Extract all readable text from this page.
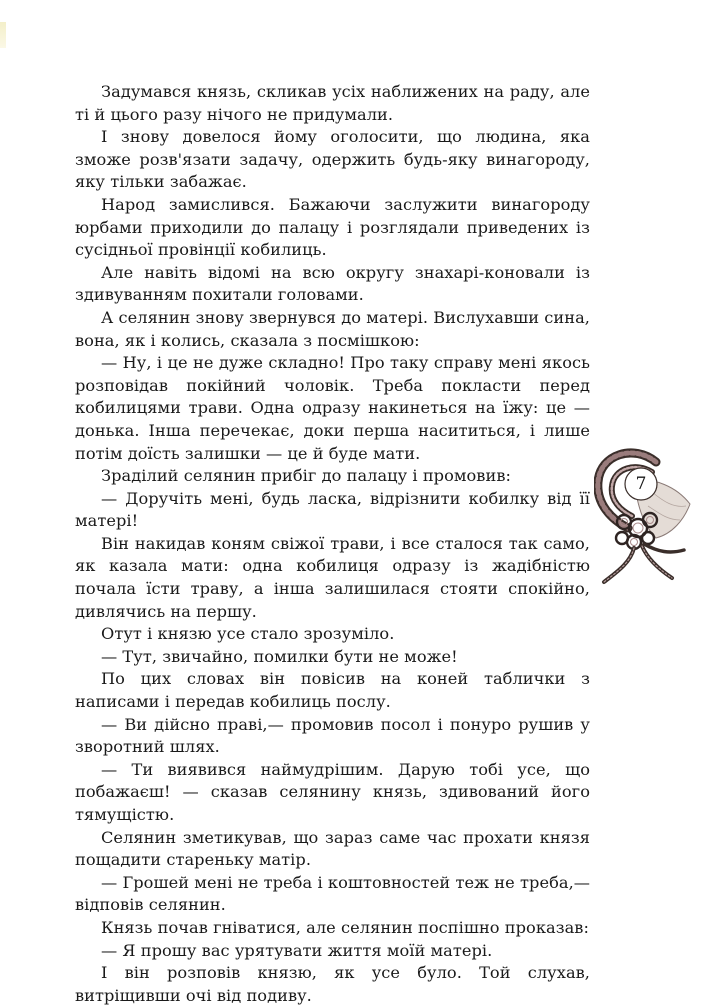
Задумався князь, скликав усіх наближених на раду, але ті й цього разу нічого не придумали.

І знову довелося йому оголосити, що людина, яка зможе розв'язати задачу, одержить будь-яку винагороду, яку тільки забажає.

Народ замислився. Бажаючи заслужити винагороду юрбами приходили до палацу і розглядали приведених із сусідньої провінції кобилиць.

Але навіть відомі на всю округу знахарі-коновали із здивуванням похитали головами.

А селянин знову звернувся до матері. Вислухавши сина, вона, як і колись, сказала з посмішкою:

— Ну, і це не дуже складно! Про таку справу мені якось розповідав покійний чоловік. Треба покласти перед кобилицями трави. Одна одразу накинеться на їжу: це — донька. Інша перечекає, доки перша насититься, і лише потім доїсть залишки — це й буде мати.

Зраділий селянин прибіг до палацу і промовив:

— Доручіть мені, будь ласка, відрізнити кобилку від її матері!

Він накидав коням свіжої трави, і все сталося так само, як казала мати: одна кобилиця одразу із жадібністю почала їсти траву, а інша залишилася стояти спокійно, дивлячись на першу.

Отут і князю усе стало зрозуміло.

— Тут, звичайно, помилки бути не може!

По цих словах він повісив на коней таблички з написами і передав кобилиць послу.

— Ви дійсно праві,— промовив посол і понуро рушив у зворотний шлях.

— Ти виявився наймудрішим. Дарую тобі усе, що побажаєш! — сказав селянину князь, здивований його тямущістю.

Селянин зметикував, що зараз саме час прохати князя пощадити стареньку матір.

— Грошей мені не треба і коштовностей теж не треба,— відповів селянин.

Князь почав гніватися, але селянин поспішно проказав:

— Я прошу вас урятувати життя моїй матері.

І він розповів князю, як усе було. Той слухав, витріщивши очі від подиву.

7
